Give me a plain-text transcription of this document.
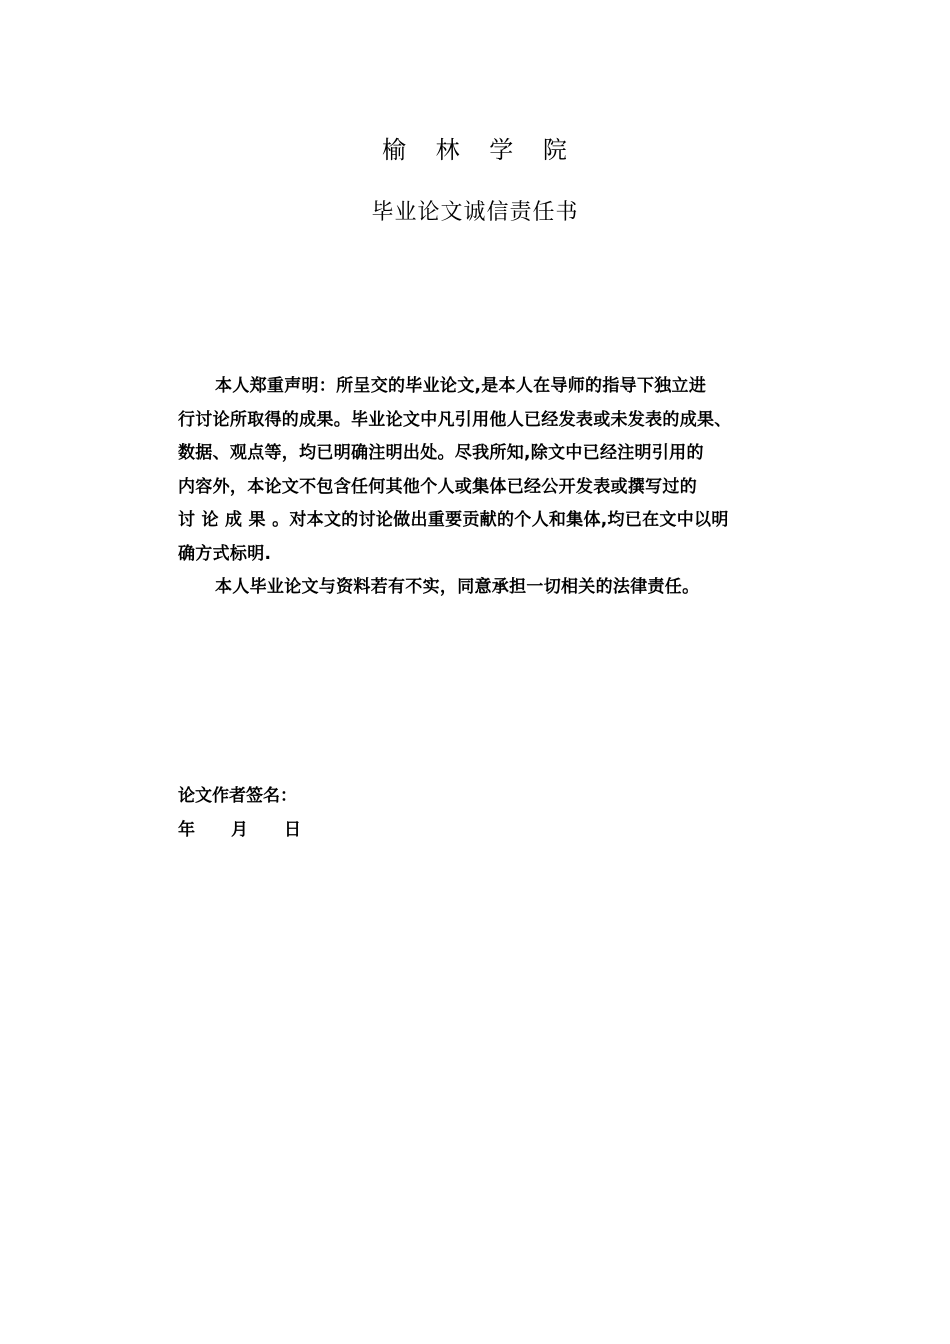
榆 林 学 院
毕业论文诚信责任书
本人郑重声明：所呈交的毕业论文,是本人在导师的指导下独立进
行讨论所取得的成果。毕业论文中凡引用他人已经发表或未发表的成果、
数据、观点等，均已明确注明出处。尽我所知,除文中已经注明引用的
内容外，本论文不包含任何其他个人或集体已经公开发表或撰写过的
讨 论 成 果 。对本文的讨论做出重要贡献的个人和集体,均已在文中以明
确方式标明.
本人毕业论文与资料若有不实，同意承担一切相关的法律责任。
论文作者签名：
年 月 日
